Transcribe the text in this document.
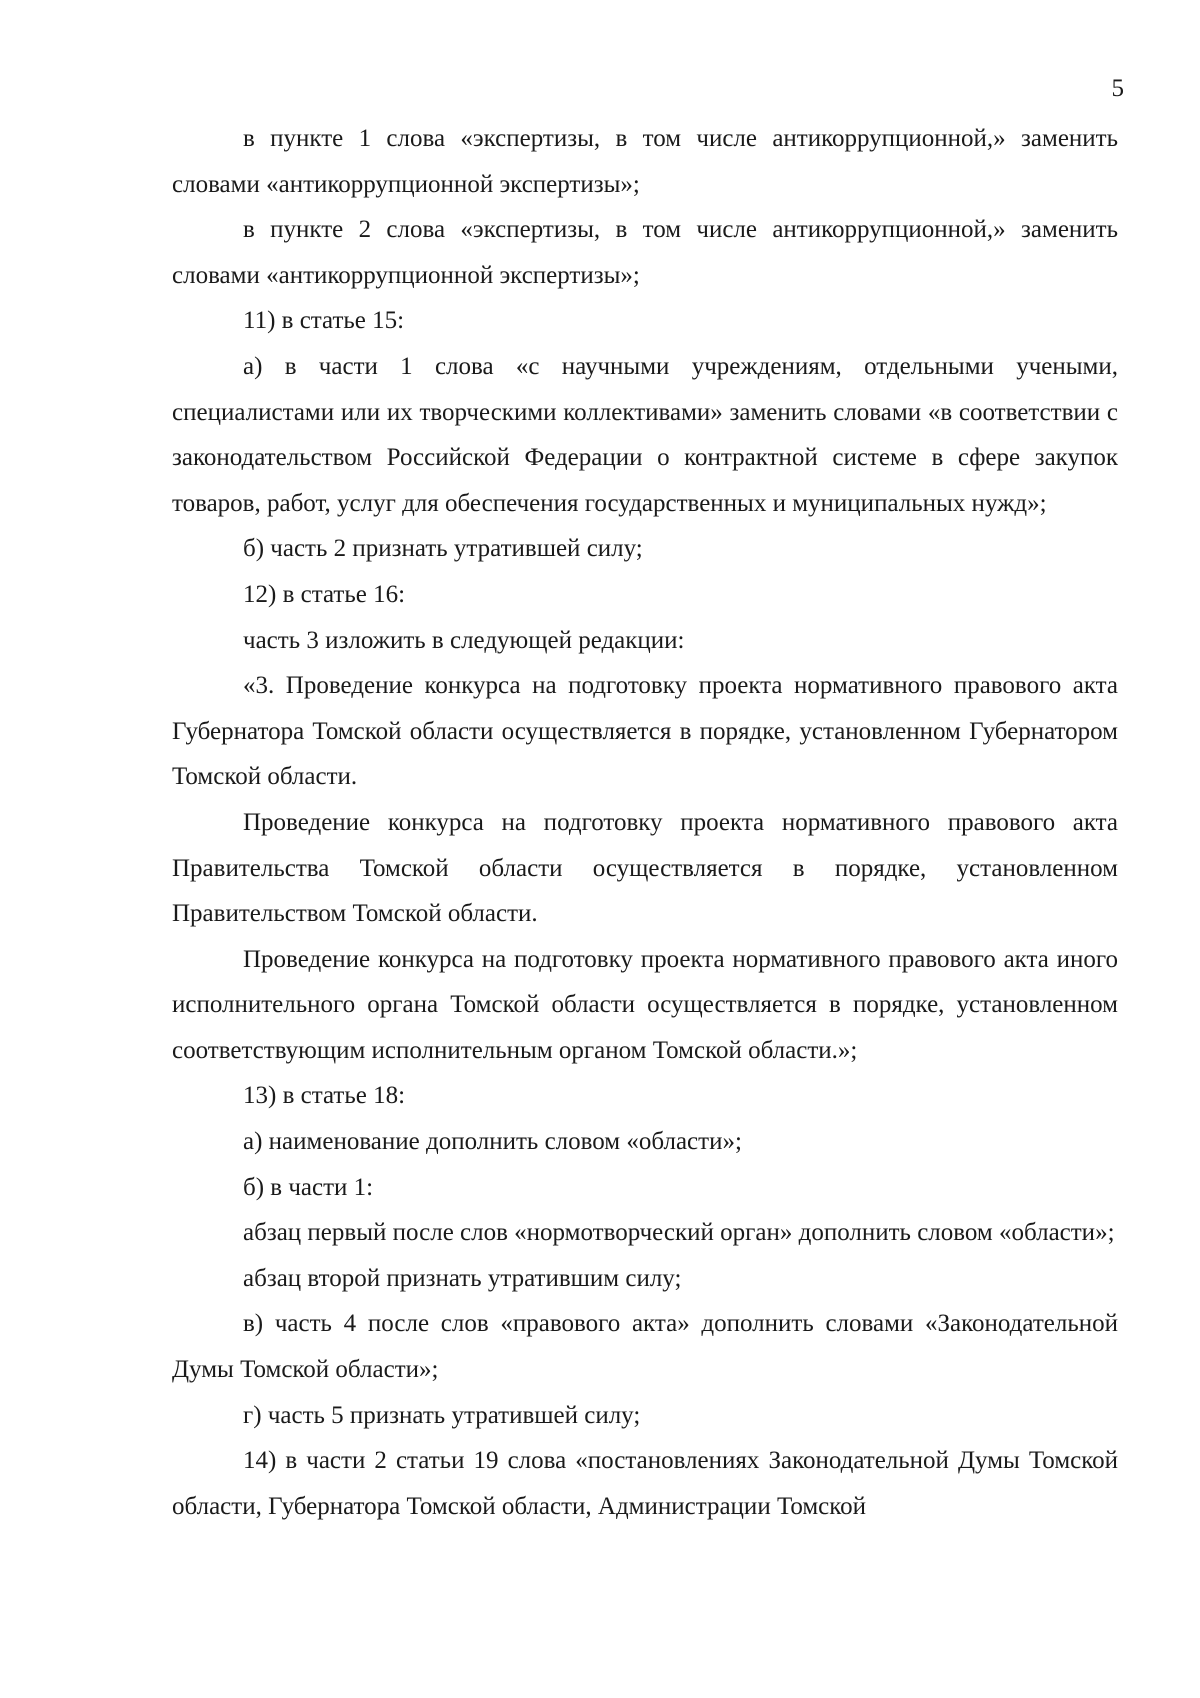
5

в пункте 1 слова «экспертизы, в том числе антикоррупционной,» заменить словами «антикоррупционной экспертизы»;

в пункте 2 слова «экспертизы, в том числе антикоррупционной,» заменить словами «антикоррупционной экспертизы»;

11) в статье 15:

а) в части 1 слова «с научными учреждениям, отдельными учеными, специалистами или их творческими коллективами» заменить словами «в соответствии с законодательством Российской Федерации о контрактной системе в сфере закупок товаров, работ, услуг для обеспечения государственных и муниципальных нужд»;

б) часть 2 признать утратившей силу;

12) в статье 16:

часть 3 изложить в следующей редакции:

«3. Проведение конкурса на подготовку проекта нормативного правового акта Губернатора Томской области осуществляется в порядке, установленном Губернатором Томской области.

Проведение конкурса на подготовку проекта нормативного правового акта Правительства Томской области осуществляется в порядке, установленном Правительством Томской области.

Проведение конкурса на подготовку проекта нормативного правового акта иного исполнительного органа Томской области осуществляется в порядке, установленном соответствующим исполнительным органом Томской области.»;

13) в статье 18:

а) наименование дополнить словом «области»;

б) в части 1:

абзац первый после слов «нормотворческий орган» дополнить словом «области»;

абзац второй признать утратившим силу;

в) часть 4 после слов «правового акта» дополнить словами «Законодательной Думы Томской области»;

г) часть 5 признать утратившей силу;

14) в части 2 статьи 19 слова «постановлениях Законодательной Думы Томской области, Губернатора Томской области, Администрации Томской
